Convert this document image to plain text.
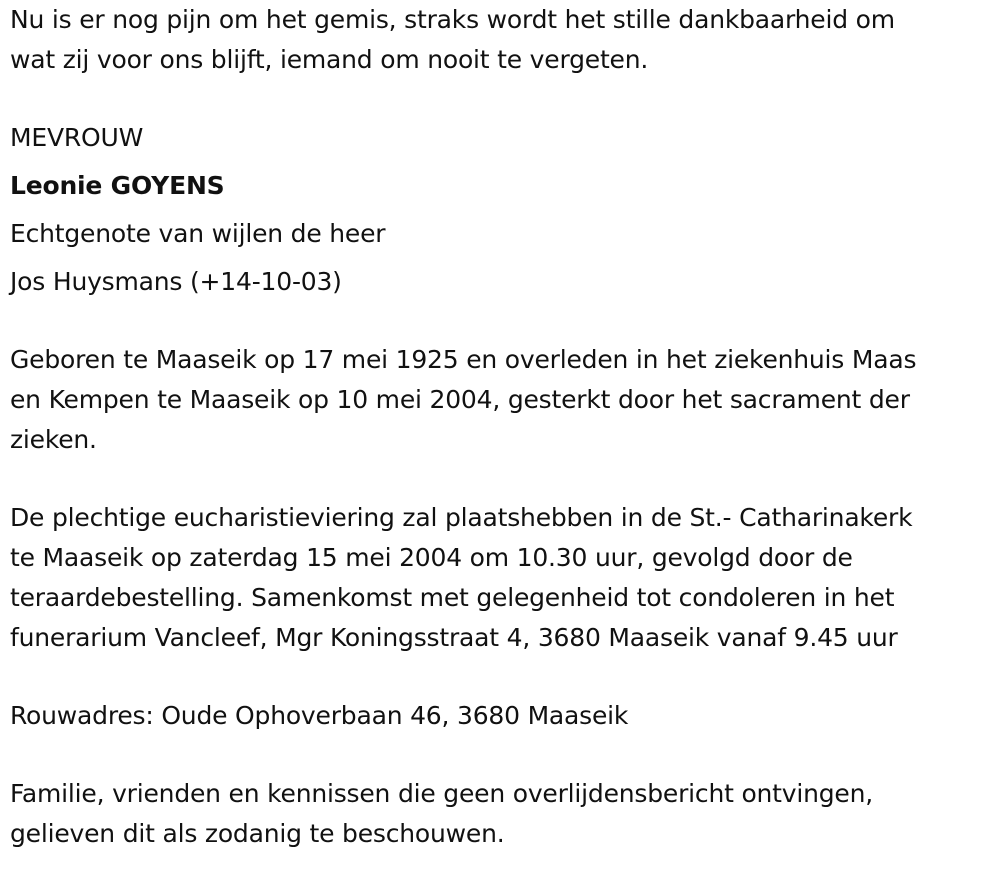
Nu is er nog pijn om het gemis, straks wordt het stille dankbaarheid om
wat zij voor ons blijft, iemand om nooit te vergeten.
MEVROUW
Leonie GOYENS
Echtgenote van wijlen de heer
Jos Huysmans (+14-10-03)
Geboren te Maaseik op 17 mei 1925 en overleden in het ziekenhuis Maas
en Kempen te Maaseik op 10 mei 2004, gesterkt door het sacrament der
zieken.
De plechtige eucharistieviering zal plaatshebben in de St.- Catharinakerk
te Maaseik op zaterdag 15 mei 2004 om 10.30 uur, gevolgd door de
teraardebestelling. Samenkomst met gelegenheid tot condoleren in het
funerarium Vancleef, Mgr Koningsstraat 4, 3680 Maaseik vanaf 9.45 uur
Rouwadres: Oude Ophoverbaan 46, 3680 Maaseik
Familie, vrienden en kennissen die geen overlijdensbericht ontvingen,
gelieven dit als zodanig te beschouwen.
